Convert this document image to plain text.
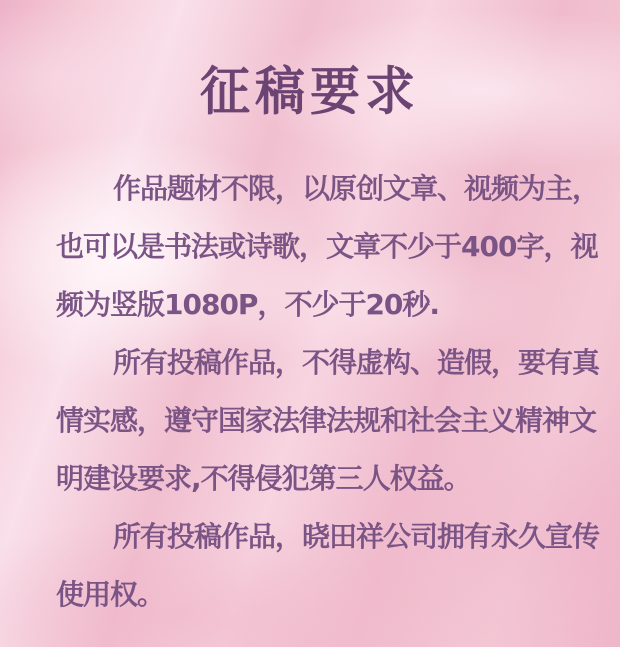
征稿要求
作品题材不限，以原创文章、视频为主，
也可以是书法或诗歌，文章不少于400字，视
频为竖版1080P，不少于20秒.
所有投稿作品，不得虚构、造假，要有真
情实感，遵守国家法律法规和社会主义精神文
明建设要求,不得侵犯第三人权益。
所有投稿作品，晓田祥公司拥有永久宣传
使用权。
